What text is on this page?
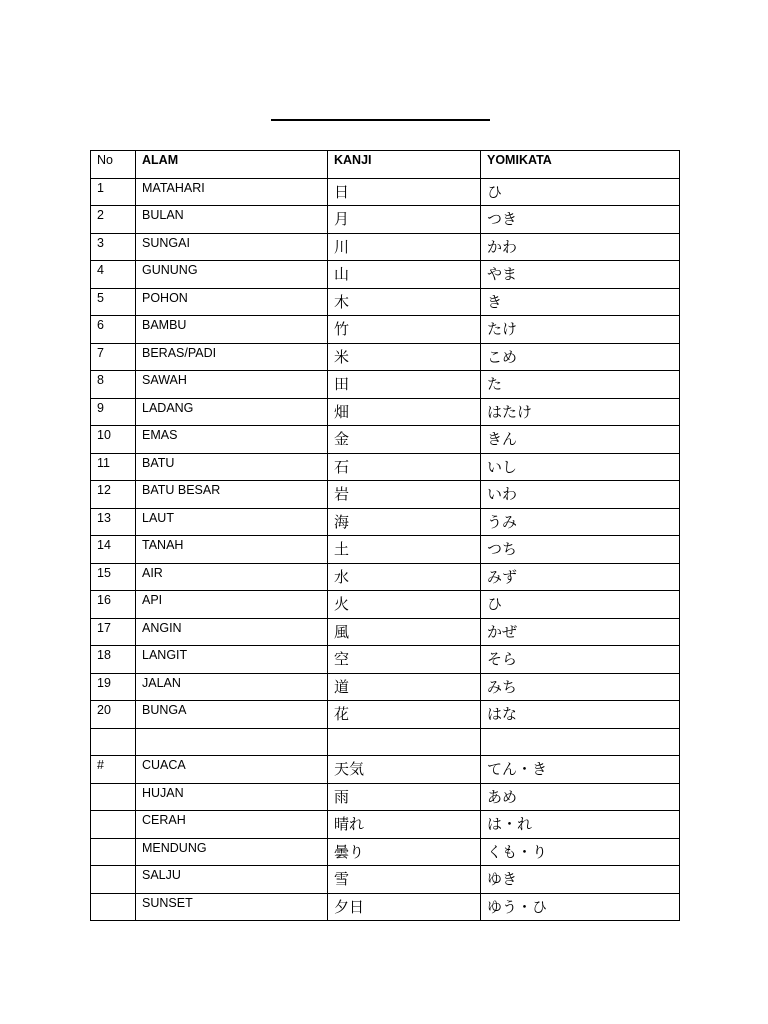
No	ALAM	KANJI	YOMIKATA

1	MATAHARI	日	ひ

2	BULAN	月	つき

3	SUNGAI	川	かわ

4	GUNUNG	山	やま

5	POHON	木	き

6	BAMBU	竹	たけ

7	BERAS/PADI	米	こめ

8	SAWAH	田	た

9	LADANG	畑	はたけ

10	EMAS	金	きん

11	BATU	石	いし

12	BATU BESAR	岩	いわ

13	LAUT	海	うみ

14	TANAH	土	つち

15	AIR	水	みず

16	API	火	ひ

17	ANGIN	風	かぜ

18	LANGIT	空	そら

19	JALAN	道	みち

20	BUNGA	花	はな

#	CUACA	天気	てん・き

	HUJAN	雨	あめ

	CERAH	晴れ	は・れ

	MENDUNG	曇り	くも・り

	SALJU	雪	ゆき

	SUNSET	夕日	ゆう・ひ
